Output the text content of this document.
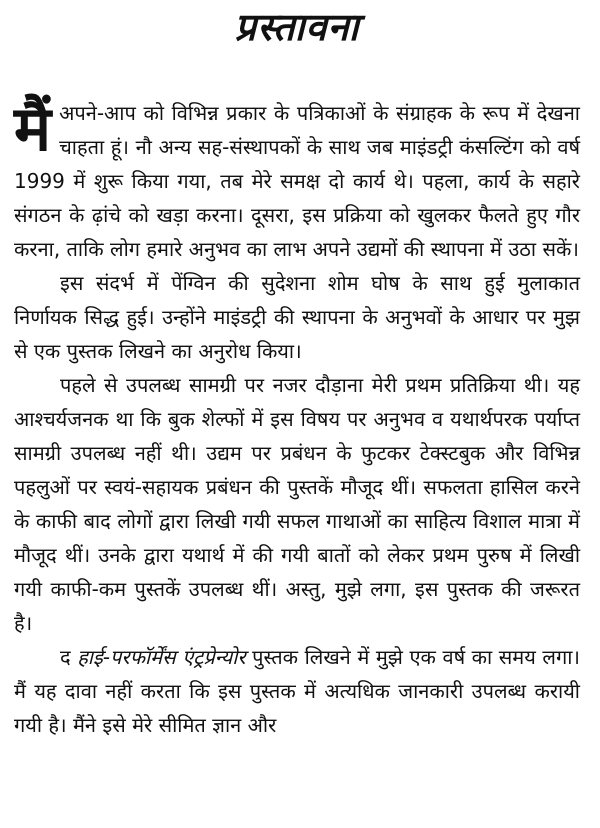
प्रस्तावना

मैं अपने-आप को विभिन्न प्रकार के पत्रिकाओं के संग्राहक के रूप में देखना चाहता हूं। नौ अन्य सह-संस्थापकों के साथ जब माइंडट्री कंसल्टिंग को वर्ष 1999 में शुरू किया गया, तब मेरे समक्ष दो कार्य थे। पहला, कार्य के सहारे संगठन के ढ़ांचे को खड़ा करना। दूसरा, इस प्रक्रिया को खुलकर फैलते हुए गौर करना, ताकि लोग हमारे अनुभव का लाभ अपने उद्यमों की स्थापना में उठा सकें।

इस संदर्भ में पेंग्विन की सुदेशना शोम घोष के साथ हुई मुलाकात निर्णायक सिद्ध हुई। उन्होंने माइंडट्री की स्थापना के अनुभवों के आधार पर मुझ से एक पुस्तक लिखने का अनुरोध किया।

पहले से उपलब्ध सामग्री पर नजर दौड़ाना मेरी प्रथम प्रतिक्रिया थी। यह आश्चर्यजनक था कि बुक शेल्फों में इस विषय पर अनुभव व यथार्थपरक पर्याप्त सामग्री उपलब्ध नहीं थी। उद्यम पर प्रबंधन के फुटकर टेक्स्टबुक और विभिन्न पहलुओं पर स्वयं-सहायक प्रबंधन की पुस्तकें मौजूद थीं। सफलता हासिल करने के काफी बाद लोगों द्वारा लिखी गयी सफल गाथाओं का साहित्य विशाल मात्रा में मौजूद थीं। उनके द्वारा यथार्थ में की गयी बातों को लेकर प्रथम पुरुष में लिखी गयी काफी-कम पुस्तकें उपलब्ध थीं। अस्तु, मुझे लगा, इस पुस्तक की जरूरत है।

द हाई-परफॉर्मेंस एंट्रप्रेन्योर पुस्तक लिखने में मुझे एक वर्ष का समय लगा। मैं यह दावा नहीं करता कि इस पुस्तक में अत्यधिक जानकारी उपलब्ध करायी गयी है। मैंने इसे मेरे सीमित ज्ञान और
